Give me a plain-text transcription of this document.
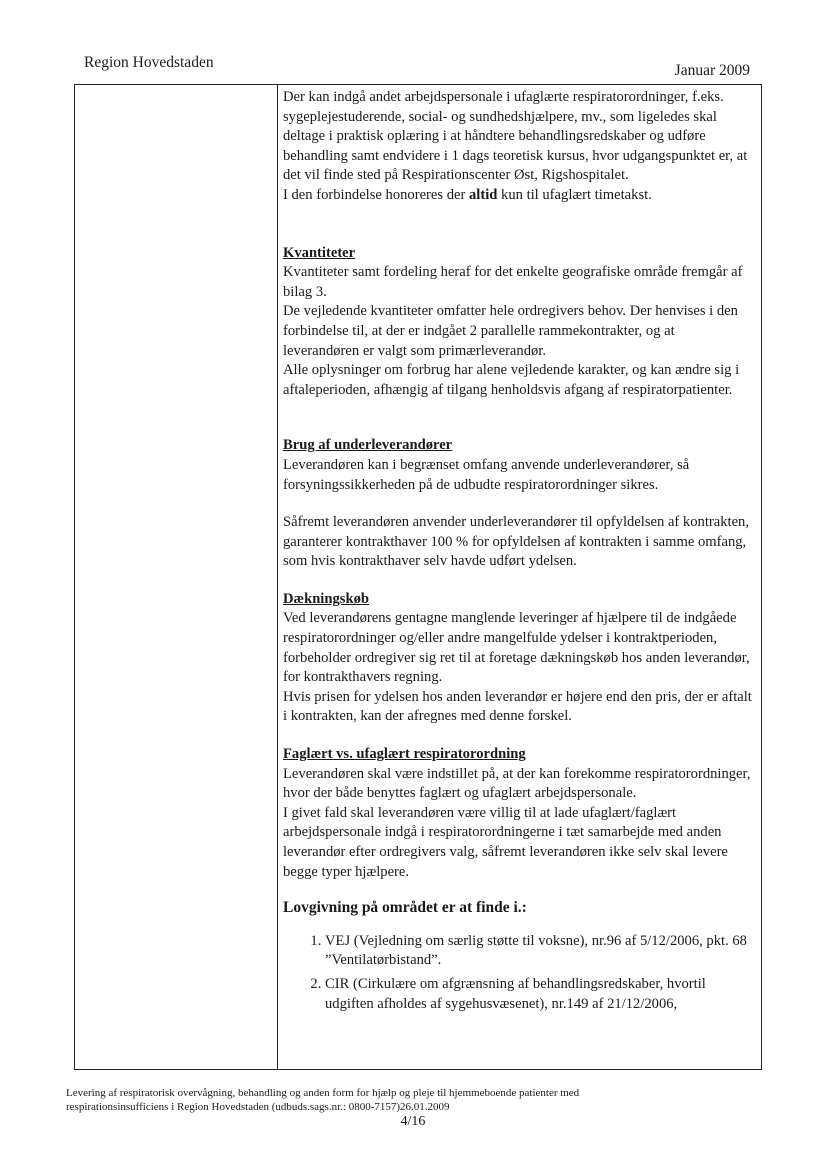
Region Hovedstaden	Januar 2009

Der kan indgå andet arbejdspersonale i ufaglærte respiratorordninger, f.eks. sygeplejestuderende, social- og sundhedshjælpere, mv., som ligeledes skal deltage i praktisk oplæring i at håndtere behandlingsredskaber og udføre behandling samt endvidere i 1 dags teoretisk kursus, hvor udgangspunktet er, at det vil finde sted på Respirationscenter Øst, Rigshospitalet.

I den forbindelse honoreres der altid kun til ufaglært timetakst.

Kvantiteter

Kvantiteter samt fordeling heraf for det enkelte geografiske område fremgår af bilag 3.

De vejledende kvantiteter omfatter hele ordregivers behov. Der henvises i den forbindelse til, at der er indgået 2 parallelle rammekontrakter, og at leverandøren er valgt som primærleverandør.

Alle oplysninger om forbrug har alene vejledende karakter, og kan ændre sig i aftaleperioden, afhængig af tilgang henholdsvis afgang af respiratorpatienter.

Brug af underleverandører

Leverandøren kan i begrænset omfang anvende underleverandører, så forsyningssikkerheden på de udbudte respiratorordninger sikres.

Såfremt leverandøren anvender underleverandører til opfyldelsen af kontrakten, garanterer kontrakthaver 100 % for opfyldelsen af kontrakten i samme omfang, som hvis kontrakthaver selv havde udført ydelsen.

Dækningskøb

Ved leverandørens gentagne manglende leveringer af hjælpere til de indgåede respiratorordninger og/eller andre mangelfulde ydelser i kontraktperioden, forbeholder ordregiver sig ret til at foretage dækningskøb hos anden leverandør, for kontrakthavers regning.

Hvis prisen for ydelsen hos anden leverandør er højere end den pris, der er aftalt i kontrakten, kan der afregnes med denne forskel.

Faglært vs. ufaglært respiratorordning

Leverandøren skal være indstillet på, at der kan forekomme respiratorordninger, hvor der både benyttes faglært og ufaglært arbejdspersonale.

I givet fald skal leverandøren være villig til at lade ufaglært/faglært arbejdspersonale indgå i respiratorordningerne i tæt samarbejde med anden leverandør efter ordregivers valg, såfremt leverandøren ikke selv skal levere begge typer hjælpere.

Lovgivning på området er at finde i.:

1. VEJ (Vejledning om særlig støtte til voksne), nr.96 af 5/12/2006, pkt. 68 ”Ventilatørbistand”.
2. CIR (Cirkulære om afgrænsning af behandlingsredskaber, hvortil udgiften afholdes af sygehusvæsenet), nr.149 af 21/12/2006,
Levering af respiratorisk overvågning, behandling og anden form for hjælp og pleje til hjemmeboende patienter med
respirationsinsufficiens i Region Hovedstaden (udbuds.sags.nr.: 0800-7157)26.01.2009
4/16
